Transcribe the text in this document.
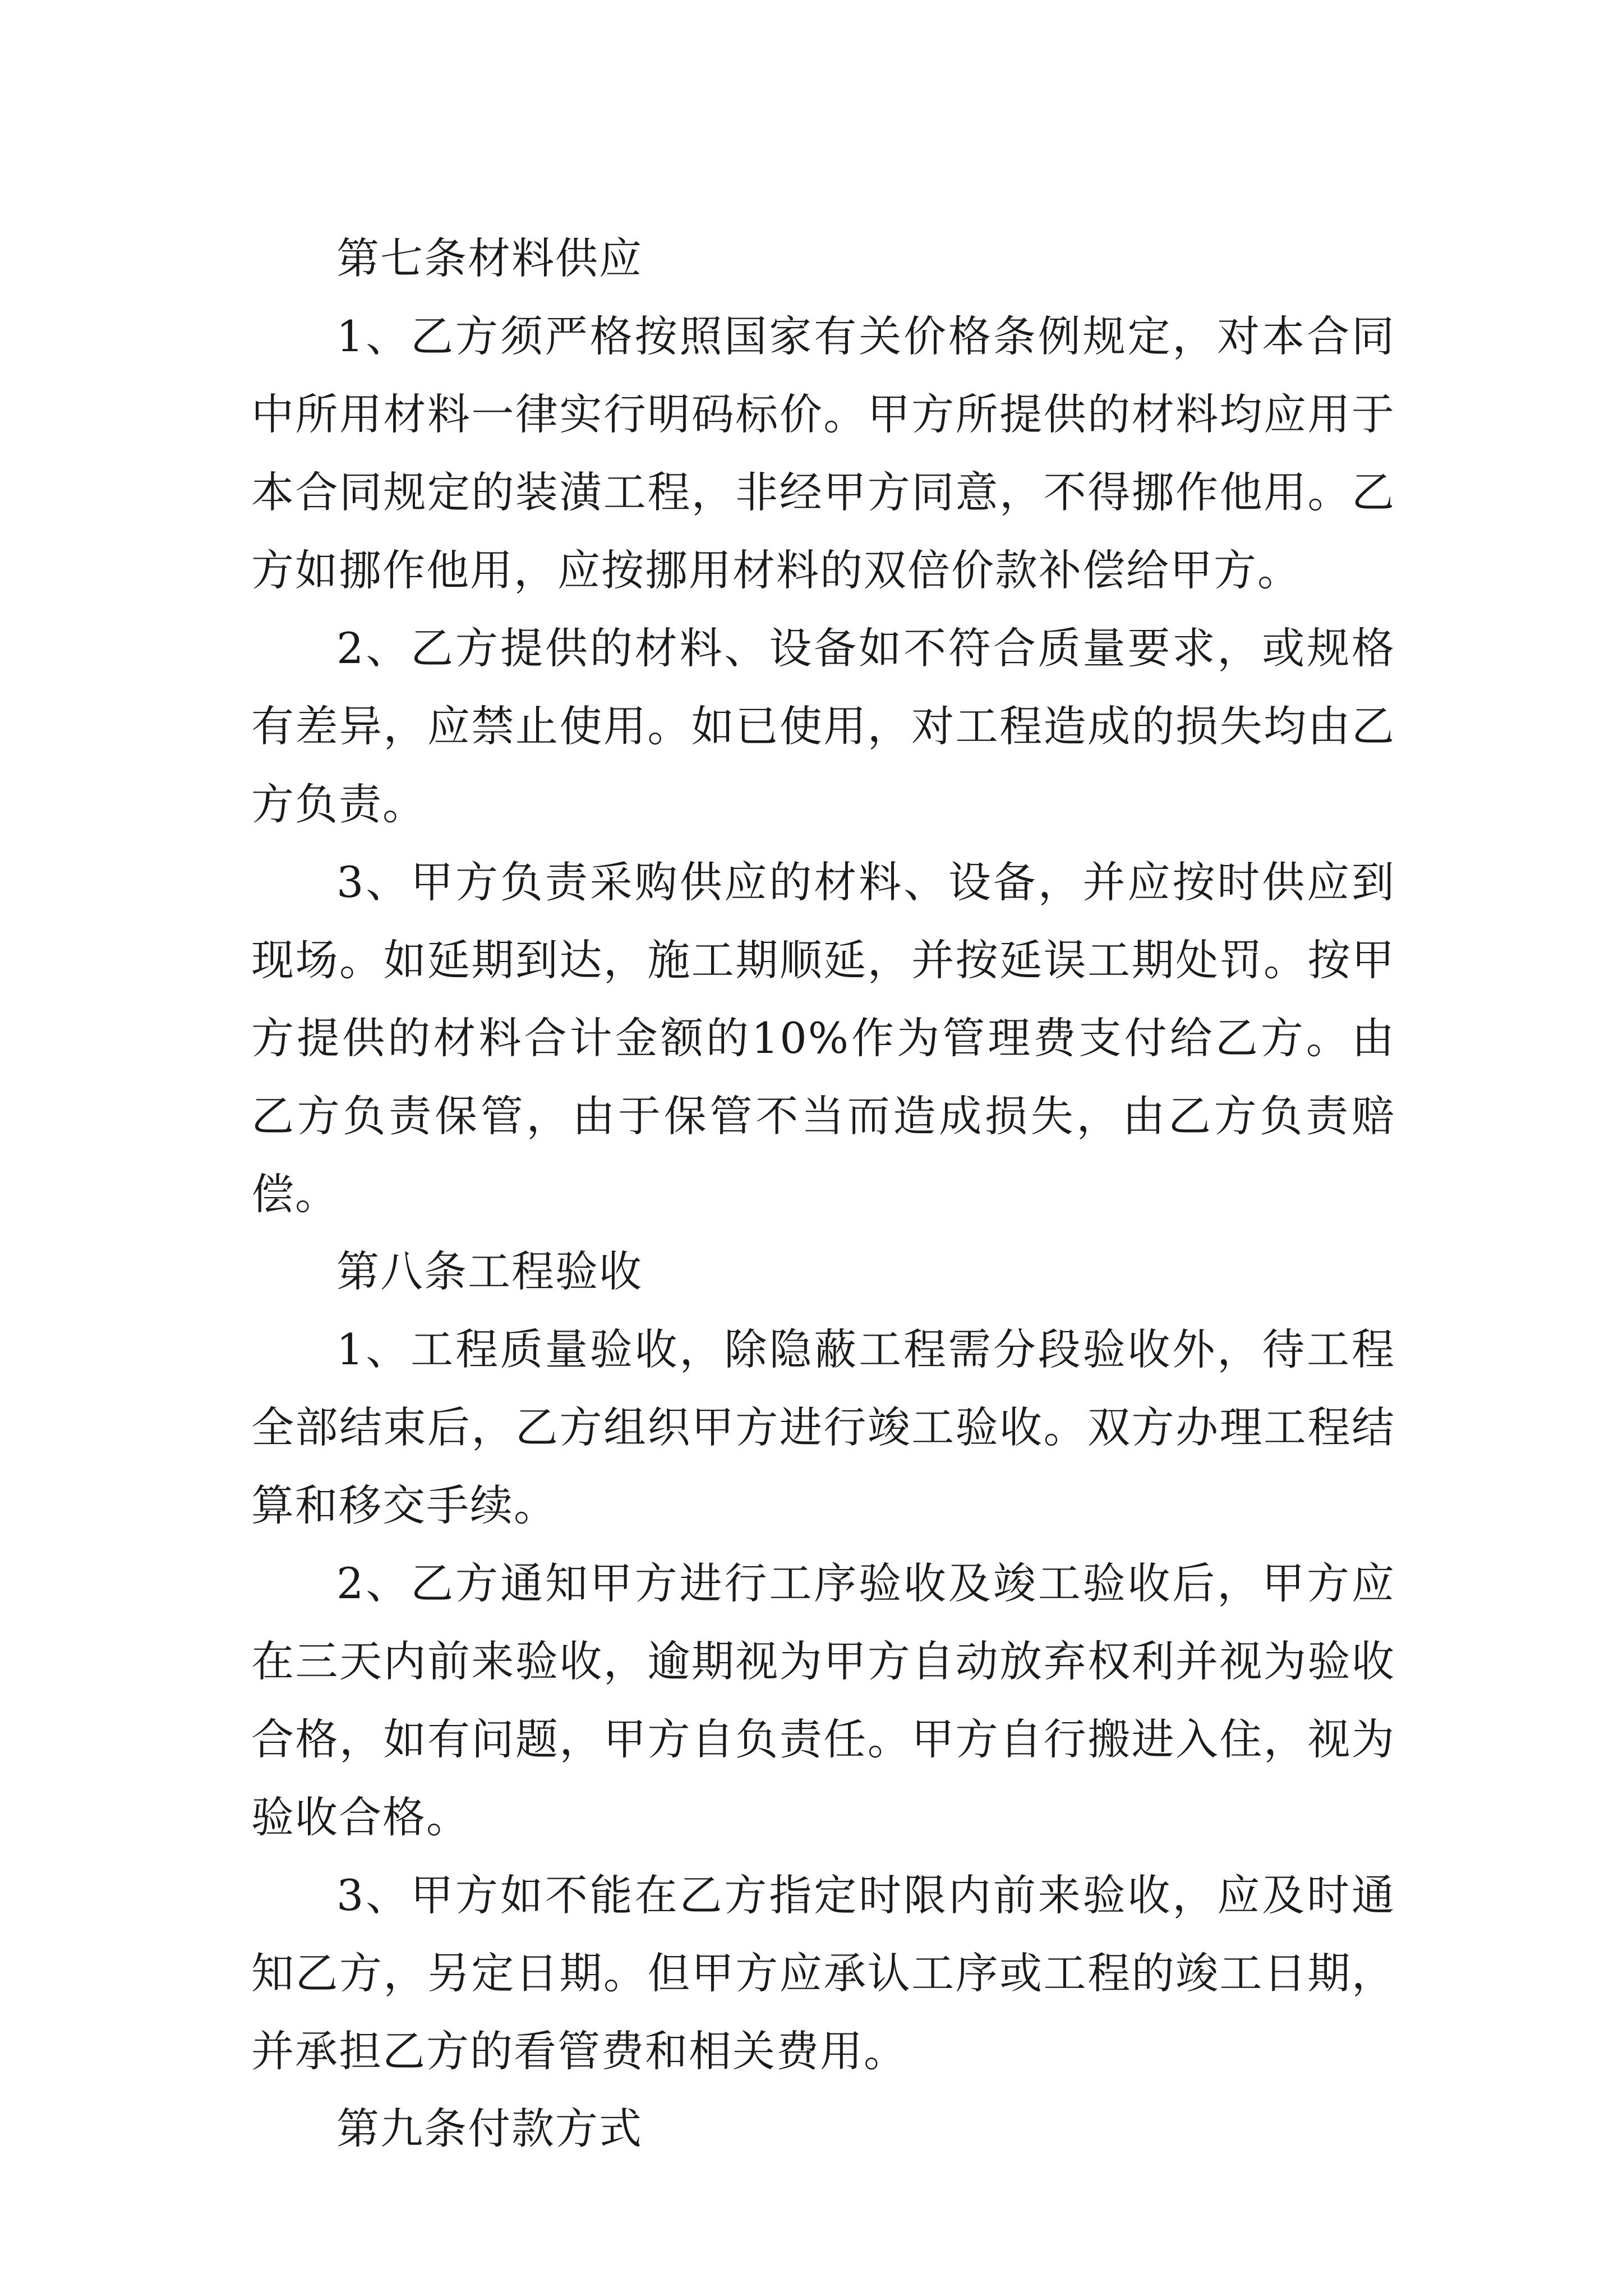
第七条材料供应

1、乙方须严格按照国家有关价格条例规定，对本合同中所用材料一律实行明码标价。甲方所提供的材料均应用于本合同规定的装潢工程，非经甲方同意，不得挪作他用。乙方如挪作他用，应按挪用材料的双倍价款补偿给甲方。

2、乙方提供的材料、设备如不符合质量要求，或规格有差异，应禁止使用。如已使用，对工程造成的损失均由乙方负责。

3、甲方负责采购供应的材料、设备，并应按时供应到现场。如延期到达，施工期顺延，并按延误工期处罚。按甲方提供的材料合计金额的10%作为管理费支付给乙方。由乙方负责保管，由于保管不当而造成损失，由乙方负责赔偿。

第八条工程验收

1、工程质量验收，除隐蔽工程需分段验收外，待工程全部结束后，乙方组织甲方进行竣工验收。双方办理工程结算和移交手续。

2、乙方通知甲方进行工序验收及竣工验收后，甲方应在三天内前来验收，逾期视为甲方自动放弃权利并视为验收合格，如有问题，甲方自负责任。甲方自行搬进入住，视为验收合格。

3、甲方如不能在乙方指定时限内前来验收，应及时通知乙方，另定日期。但甲方应承认工序或工程的竣工日期，并承担乙方的看管费和相关费用。

第九条付款方式
